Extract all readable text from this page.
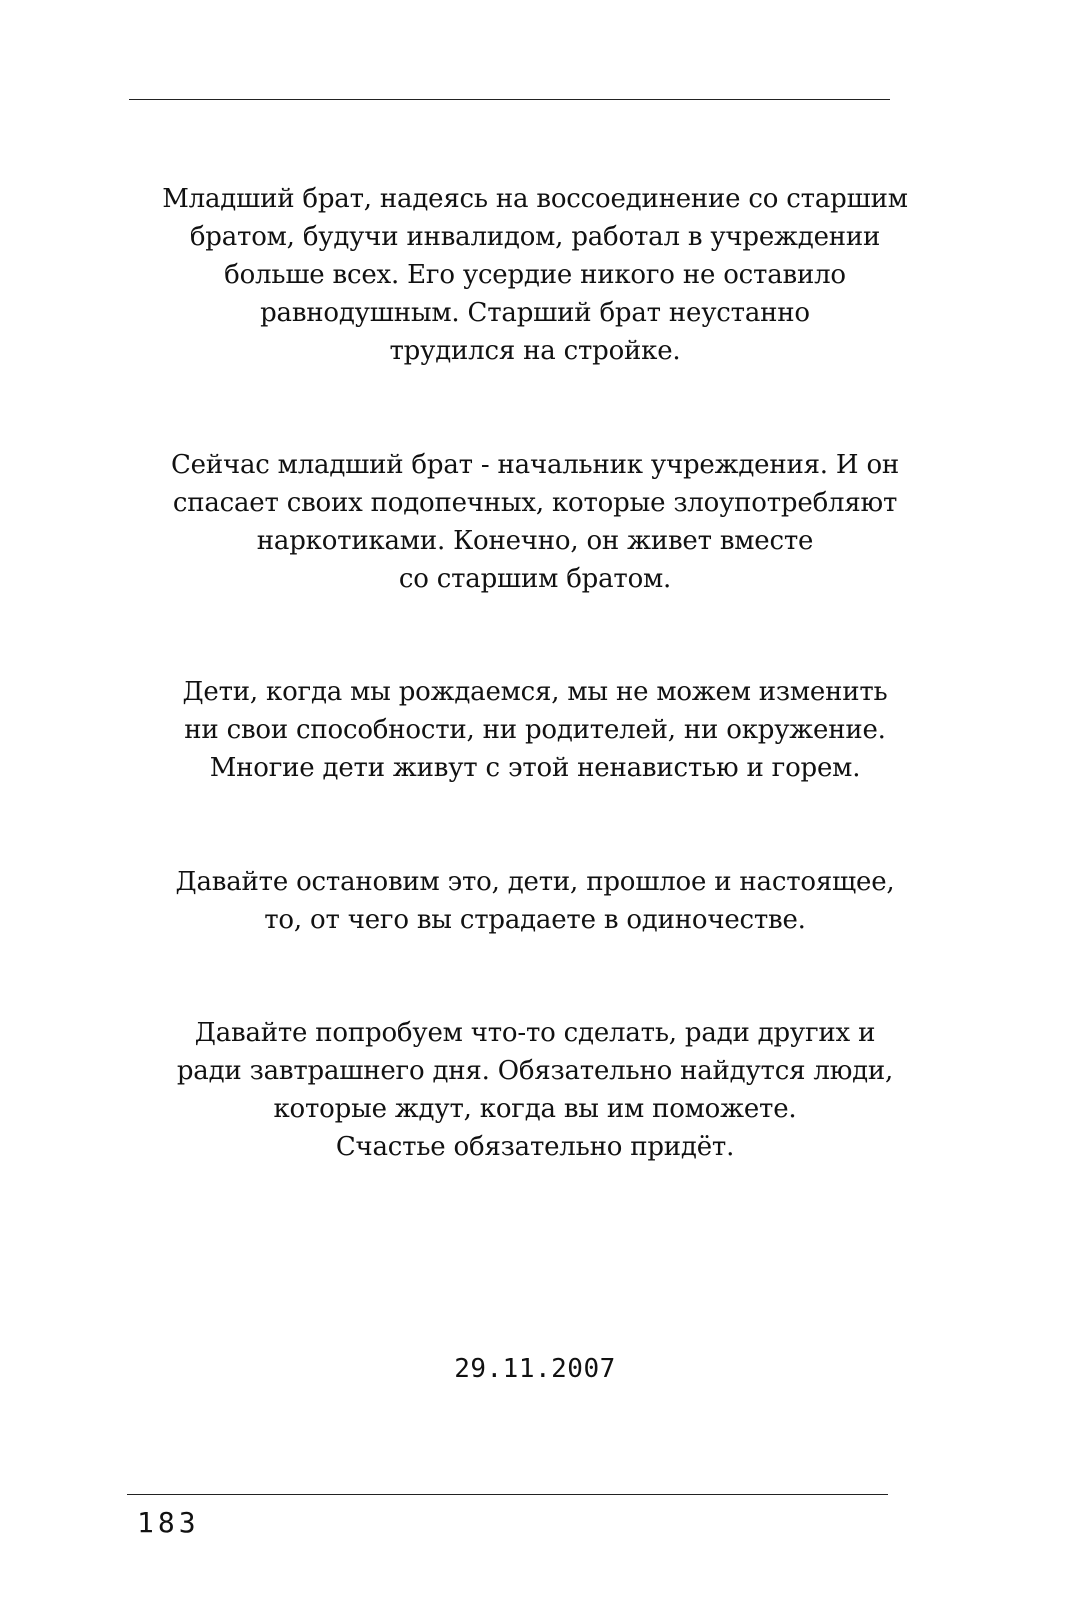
Младший брат, надеясь на воссоединение со старшим
братом, будучи инвалидом, работал в учреждении
больше всех. Его усердие никого не оставило
равнодушным. Старший брат неустанно
трудился на стройке.
Сейчас младший брат - начальник учреждения. И он
спасает своих подопечных, которые злоупотребляют
наркотиками. Конечно, он живет вместе
со старшим братом.
Дети, когда мы рождаемся, мы не можем изменить
ни свои способности, ни родителей, ни окружение.
Многие дети живут с этой ненавистью и горем.
Давайте остановим это, дети, прошлое и настоящее,
то, от чего вы страдаете в одиночестве.
Давайте попробуем что-то сделать, ради других и
ради завтрашнего дня. Обязательно найдутся люди,
которые ждут, когда вы им поможете.
Счастье обязательно придёт.
29.11.2007
183
